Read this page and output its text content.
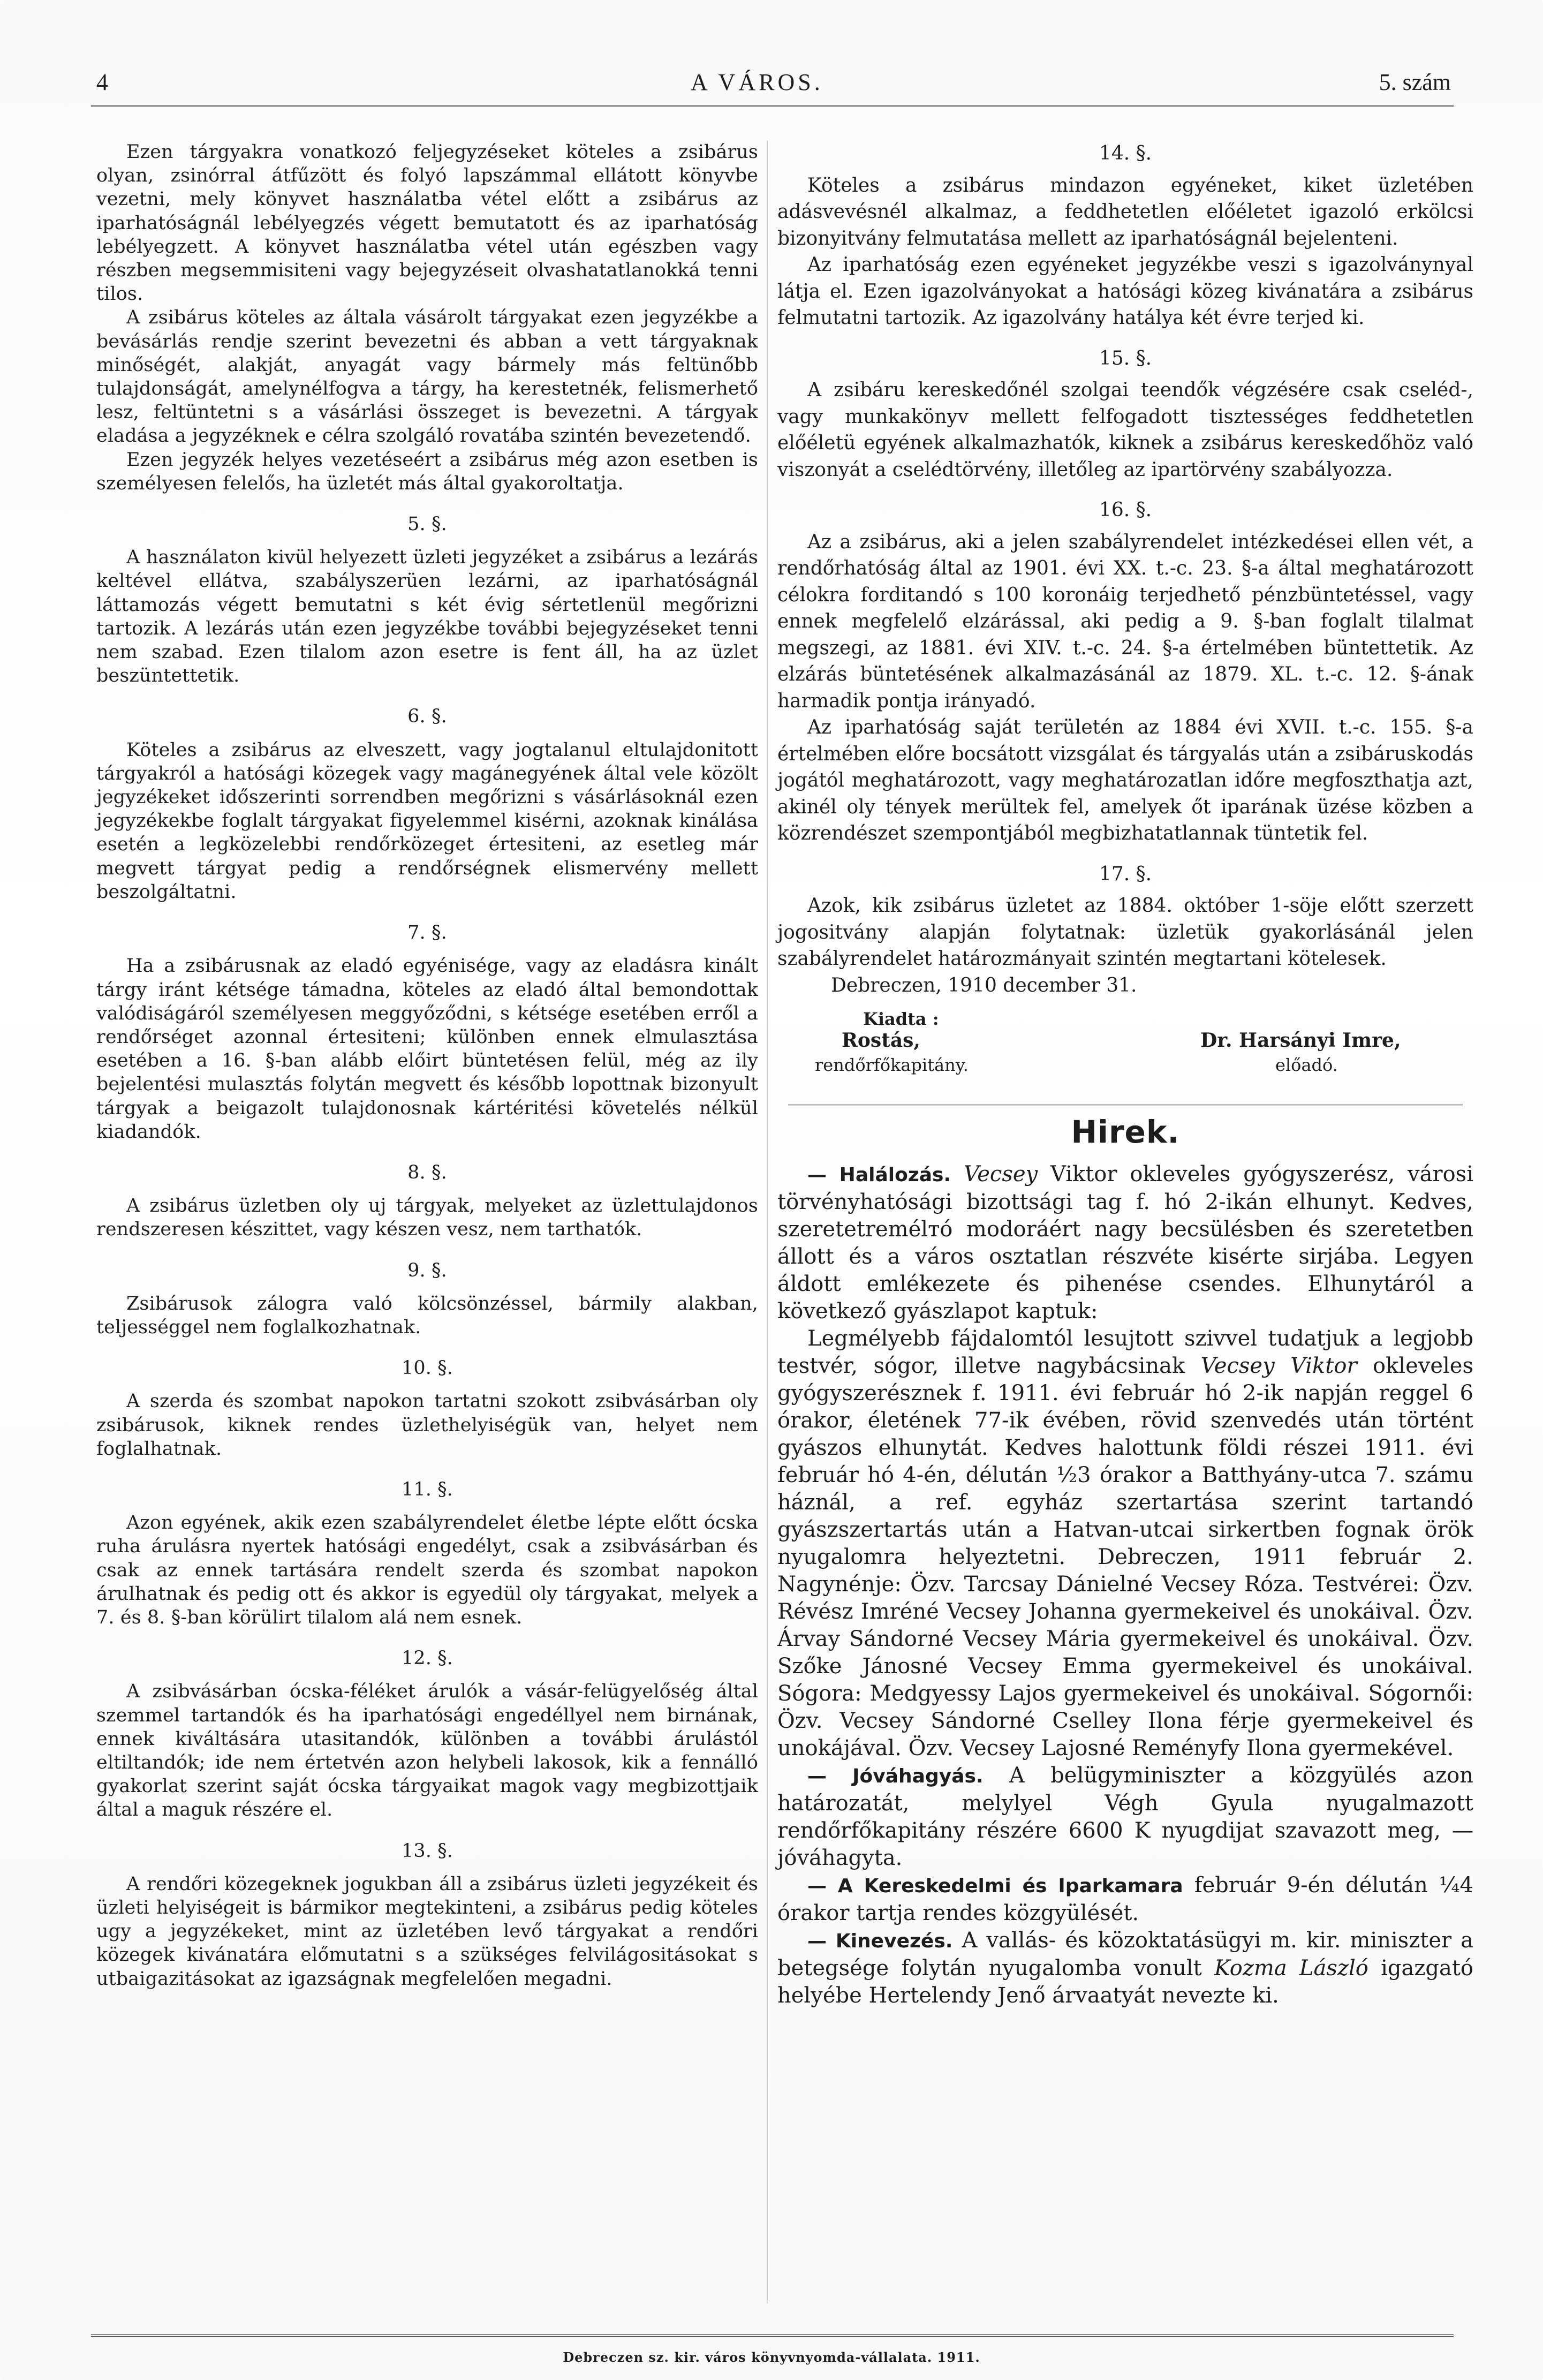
4	A VÁROS.	5. szám

Ezen tárgyakra vonatkozó feljegyzéseket köteles a zsibárus olyan, zsinórral átfűzött és folyó lapszámmal ellátott könyvbe vezetni, mely könyvet használatba vétel előtt a zsibárus az iparhatóságnál lebélyegzés végett bemutatott és az iparhatóság lebélyegzett. A könyvet használatba vétel után egészben vagy részben megsemmisiteni vagy bejegyzéseit olvashatatlanokká tenni tilos.

A zsibárus köteles az általa vásárolt tárgyakat ezen jegyzékbe a bevásárlás rendje szerint bevezetni és abban a vett tárgyaknak minőségét, alakját, anyagát vagy bármely más feltünőbb tulajdonságát, amelynélfogva a tárgy, ha kerestetnék, felismerhető lesz, feltüntetni s a vásárlási összeget is bevezetni. A tárgyak eladása a jegyzéknek e célra szolgáló rovatába szintén bevezetendő.

Ezen jegyzék helyes vezetéseért a zsibárus még azon esetben is személyesen felelős, ha üzletét más által gyakoroltatja.

5. §.

A használaton kivül helyezett üzleti jegyzéket a zsibárus a lezárás keltével ellátva, szabályszerüen lezárni, az iparhatóságnál láttamozás végett bemutatni s két évig sértetlenül megőrizni tartozik. A lezárás után ezen jegyzékbe további bejegyzéseket tenni nem szabad. Ezen tilalom azon esetre is fent áll, ha az üzlet beszüntettetik.

6. §.

Köteles a zsibárus az elveszett, vagy jogtalanul eltulajdonitott tárgyakról a hatósági közegek vagy magánegyének által vele közölt jegyzékeket időszerinti sorrendben megőrizni s vásárlásoknál ezen jegyzékekbe foglalt tárgyakat figyelemmel kisérni, azoknak kinálása esetén a legközelebbi rendőrközeget értesiteni, az esetleg már megvett tárgyat pedig a rendőrségnek elismervény mellett beszolgáltatni.

7. §.

Ha a zsibárusnak az eladó egyénisége, vagy az eladásra kinált tárgy iránt kétsége támadna, köteles az eladó által bemondottak valódiságáról személyesen meggyőződni, s kétsége esetében erről a rendőrséget azonnal értesiteni; különben ennek elmulasztása esetében a 16. §-ban alább előirt büntetésen felül, még az ily bejelentési mulasztás folytán megvett és később lopottnak bizonyult tárgyak a beigazolt tulajdonosnak kártéritési követelés nélkül kiadandók.

8. §.

A zsibárus üzletben oly uj tárgyak, melyeket az üzlettulajdonos rendszeresen készittet, vagy készen vesz, nem tarthatók.

9. §.

Zsibárusok zálogra való kölcsönzéssel, bármily alakban, teljességgel nem foglalkozhatnak.

10. §.

A szerda és szombat napokon tartatni szokott zsibvásárban oly zsibárusok, kiknek rendes üzlethelyiségük van, helyet nem foglalhatnak.

11. §.

Azon egyének, akik ezen szabályrendelet életbe lépte előtt ócska ruha árulásra nyertek hatósági engedélyt, csak a zsibvásárban és csak az ennek tartására rendelt szerda és szombat napokon árulhatnak és pedig ott és akkor is egyedül oly tárgyakat, melyek a 7. és 8. §-ban körülirt tilalom alá nem esnek.

12. §.

A zsibvásárban ócska-féléket árulók a vásár-felügyelőség által szemmel tartandók és ha iparhatósági engedéllyel nem birnának, ennek kiváltására utasitandók, különben a további árulástól eltiltandók; ide nem értetvén azon helybeli lakosok, kik a fennálló gyakorlat szerint saját ócska tárgyaikat magok vagy megbizottjaik által a maguk részére el.

13. §.

A rendőri közegeknek jogukban áll a zsibárus üzleti jegyzékeit és üzleti helyiségeit is bármikor megtekinteni, a zsibárus pedig köteles ugy a jegyzékeket, mint az üzletében levő tárgyakat a rendőri közegek kivánatára előmutatni s a szükséges felvilágositásokat s utbaigazitásokat az igazságnak megfelelően megadni.

14. §.

Köteles a zsibárus mindazon egyéneket, kiket üzletében adásvevésnél alkalmaz, a feddhetetlen előéletet igazoló erkölcsi bizonyitvány felmutatása mellett az iparhatóságnál bejelenteni.

Az iparhatóság ezen egyéneket jegyzékbe veszi s igazolványnyal látja el. Ezen igazolványokat a hatósági közeg kivánatára a zsibárus felmutatni tartozik. Az igazolvány hatálya két évre terjed ki.

15. §.

A zsibáru kereskedőnél szolgai teendők végzésére csak cseléd-, vagy munkakönyv mellett felfogadott tisztességes feddhetetlen előéletü egyének alkalmazhatók, kiknek a zsibárus kereskedőhöz való viszonyát a cselédtörvény, illetőleg az ipartörvény szabályozza.

16. §.

Az a zsibárus, aki a jelen szabályrendelet intézkedései ellen vét, a rendőrhatóság által az 1901. évi XX. t.-c. 23. §-a által meghatározott célokra forditandó s 100 koronáig terjedhető pénzbüntetéssel, vagy ennek megfelelő elzárással, aki pedig a 9. §-ban foglalt tilalmat megszegi, az 1881. évi XIV. t.-c. 24. §-a értelmében büntettetik. Az elzárás büntetésének alkalmazásánál az 1879. XL. t.-c. 12. §-ának harmadik pontja irányadó.

Az iparhatóság saját területén az 1884 évi XVII. t.-c. 155. §-a értelmében előre bocsátott vizsgálat és tárgyalás után a zsibáruskodás jogától meghatározott, vagy meghatározatlan időre megfoszthatja azt, akinél oly tények merültek fel, amelyek őt iparának üzése közben a közrendészet szempontjából megbizhatatlannak tüntetik fel.

17. §.

Azok, kik zsibárus üzletet az 1884. október 1-söje előtt szerzett jogositvány alapján folytatnak: üzletük gyakorlásánál jelen szabályrendelet határozmányait szintén megtartani kötelesek.

Debreczen, 1910 december 31.

Kiadta :
Rostás,
rendőrfőkapitány.
Dr. Harsányi Imre,
előadó.
Hirek.

— Halálozás. Vecsey Viktor okleveles gyógyszerész, városi törvényhatósági bizottsági tag f. hó 2-ikán elhunyt. Kedves, szeretetremélтó modoráért nagy becsülésben és szeretetben állott és a város osztatlan részvéte kisérte sirjába. Legyen áldott emlékezete és pihenése csendes. Elhunytáról a következő gyászlapot kaptuk:

Legmélyebb fájdalomtól lesujtott szivvel tudatjuk a legjobb testvér, sógor, illetve nagybácsinak Vecsey Viktor okleveles gyógyszerésznek f. 1911. évi február hó 2-ik napján reggel 6 órakor, életének 77-ik évében, rövid szenvedés után történt gyászos elhunytát. Kedves halottunk földi részei 1911. évi február hó 4-én, délután ½3 órakor a Batthyány-utca 7. számu háznál, a ref. egyház szertartása szerint tartandó gyászszertartás után a Hatvan-utcai sirkertben fognak örök nyugalomra helyeztetni. Debreczen, 1911 február 2. Nagynénje: Özv. Tarcsay Dánielné Vecsey Róza. Testvérei: Özv. Révész Imréné Vecsey Johanna gyermekeivel és unokáival. Özv. Árvay Sándorné Vecsey Mária gyermekeivel és unokáival. Özv. Szőke Jánosné Vecsey Emma gyermekeivel és unokáival. Sógora: Medgyessy Lajos gyermekeivel és unokáival. Sógornői: Özv. Vecsey Sándorné Cselley Ilona férje gyermekeivel és unokájával. Özv. Vecsey Lajosné Reményfy Ilona gyermekével.

— Jóváhagyás. A belügyminiszter a közgyülés azon határozatát, melylyel Végh Gyula nyugalmazott rendőrfőkapitány részére 6600 K nyugdijat szavazott meg, — jóváhagyta.

— A Kereskedelmi és Iparkamara február 9-én délután ¼4 órakor tartja rendes közgyülését.

— Kinevezés. A vallás- és közoktatásügyi m. kir. miniszter a betegsége folytán nyugalomba vonult Kozma László igazgató helyébe Hertelendy Jenő árvaatyát nevezte ki.

Debreczen sz. kir. város könyvnyomda-vállalata. 1911.
